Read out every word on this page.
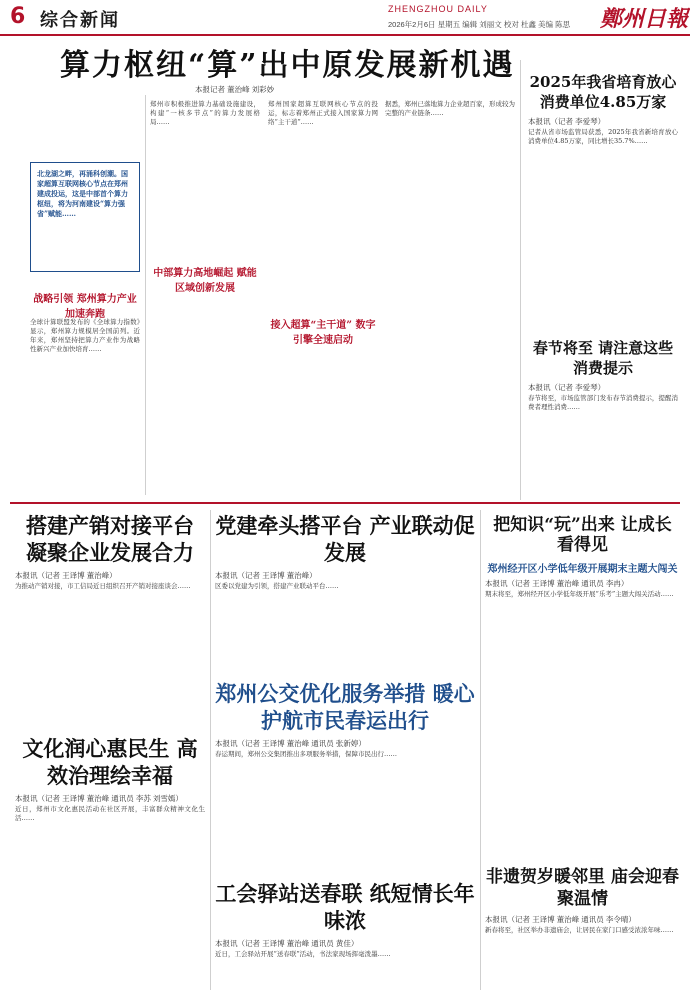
6 综合新闻
ZHENGZHOU DAILY
2026年2月6日 星期五 编辑 刘丽文 校对 杜鑫 美编 陈思 鄭州日報
算力枢纽“算”出中原发展新机遇
本报记者 董治峰 刘彩妙
北龙湖之畔，再涌科创潮。国家超算互联网核心节点在郑州建成投运，这是中部首个算力枢纽，将为河南建设“算力强省”赋能……
战略引领 郑州算力产业加速奔跑
全球计算联盟发布的《全球算力指数》显示，郑州算力规模居全国前列。近年来，郑州坚持把算力产业作为战略性新兴产业加快培育……
郑州市积极推进算力基础设施建设，构建“一核多节点”的算力发展格局……
中部算力高地崛起 赋能区域创新发展
郑州国家超算互联网核心节点的投运，标志着郑州正式接入国家算力网络“主干道”……
接入超算“主干道” 数字引擎全速启动
据悉，郑州已落地算力企业超百家，形成较为完整的产业链条……
2025年我省培育放心消费单位4.85万家
本报讯（记者 李爱琴）
记者从省市场监管局获悉，2025年我省新培育放心消费单位4.85万家，同比增长35.7%……
春节将至 请注意这些消费提示
本报讯（记者 李爱琴）
春节将至，市场监管部门发布春节消费提示，提醒消费者理性消费……
搭建产销对接平台 凝聚企业发展合力
本报讯（记者 王译博 董治峰）
为推动产销对接，市工信局近日组织召开产销对接座谈会……
文化润心惠民生 高效治理绘幸福
本报讯（记者 王译博 董治峰 通讯员 李苏 刘雪嫣）
近日，郑州市文化惠民活动在社区开展，丰富群众精神文化生活……
党建牵头搭平台 产业联动促发展
本报讯（记者 王译博 董治峰）
区委以党建为引领，搭建产业联动平台……
郑州公交优化服务举措 暖心护航市民春运出行
本报讯（记者 王译博 董治峰 通讯员 张新婷）
春运期间，郑州公交集团推出多项服务举措，保障市民出行……
工会驿站送春联 纸短情长年味浓
本报讯（记者 王译博 董治峰 通讯员 黄佳）
近日，工会驿站开展“送春联”活动，书法家现场挥毫泼墨……
把知识“玩”出来 让成长看得见
郑州经开区小学低年级开展期末主题大闯关
本报讯（记者 王译博 董治峰 通讯员 李冉）
期末将至，郑州经开区小学低年级开展“乐考”主题大闯关活动……
非遗贺岁暖邻里 庙会迎春聚温情
本报讯（记者 王译博 董治峰 通讯员 李令晴）
新春将至，社区举办非遗庙会，让居民在家门口感受浓浓年味……
